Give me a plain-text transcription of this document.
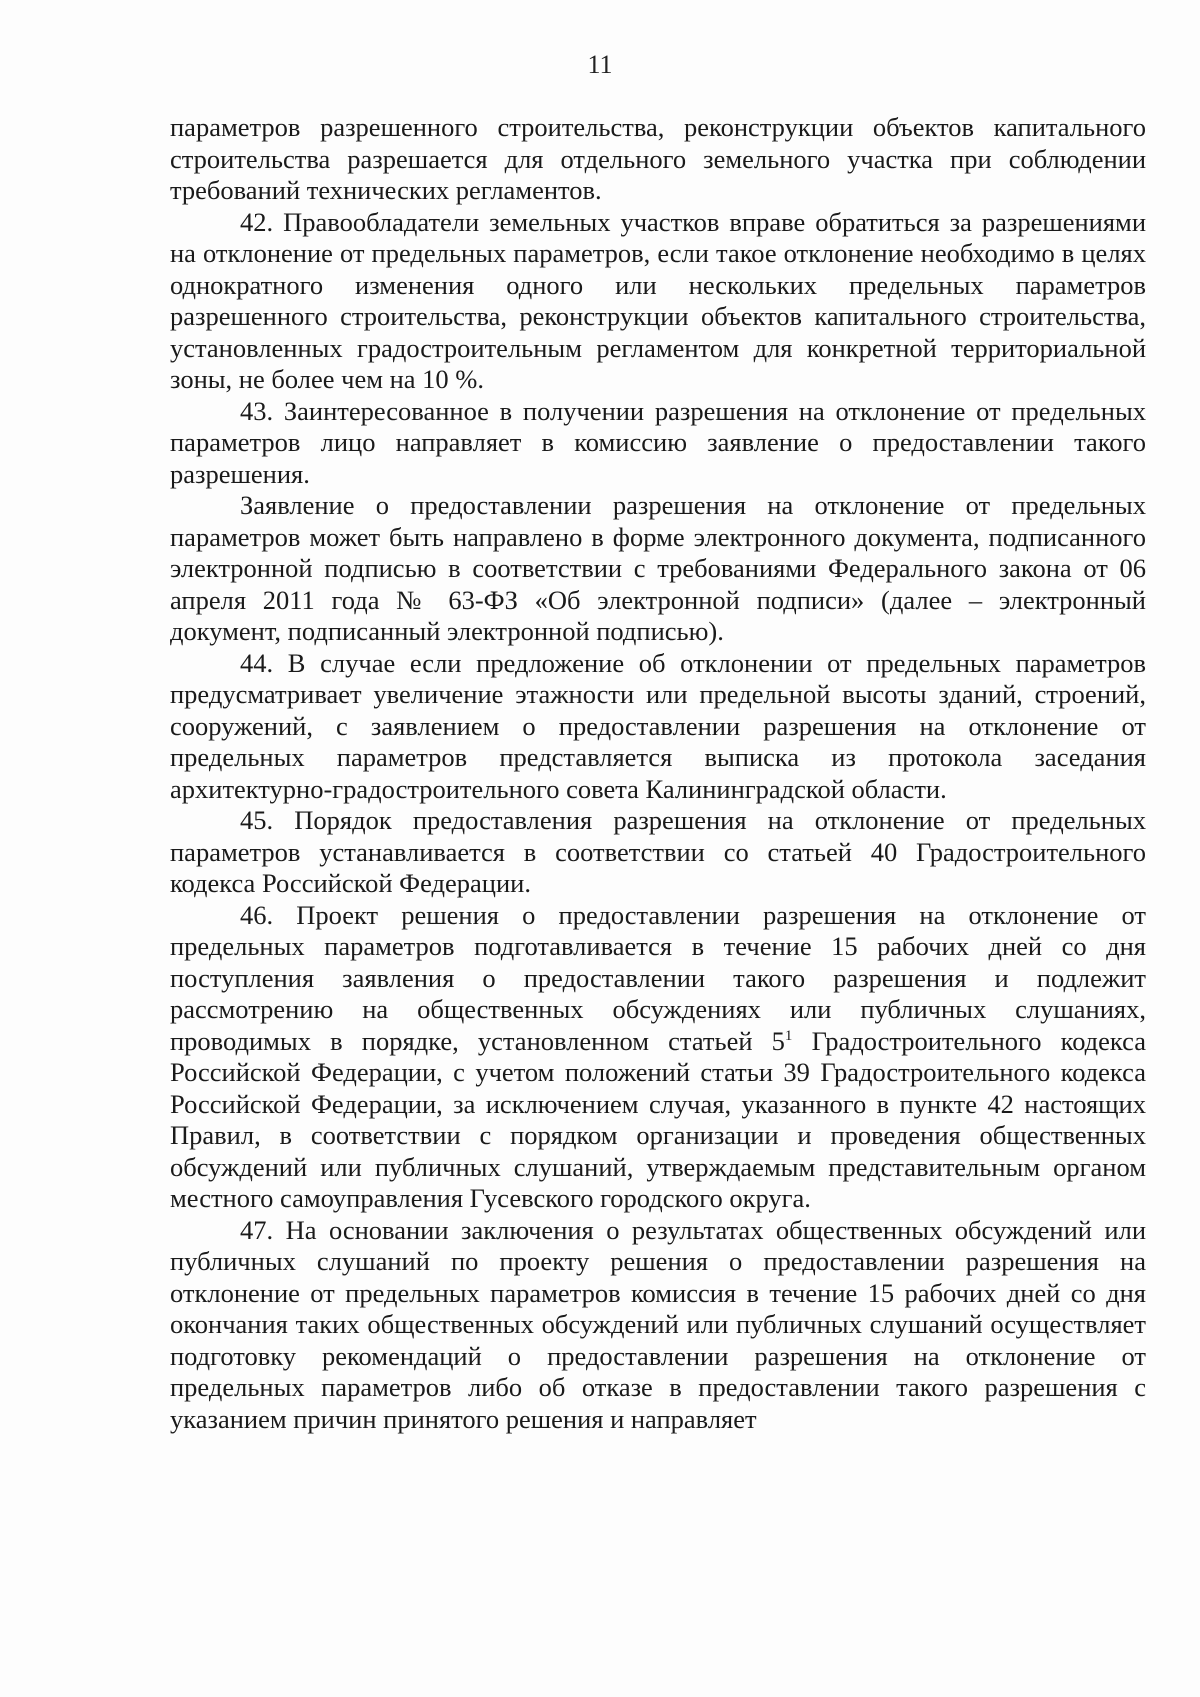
11

параметров разрешенного строительства, реконструкции объектов капитального строительства разрешается для отдельного земельного участка при соблюдении требований технических регламентов.

42. Правообладатели земельных участков вправе обратиться за разрешениями на отклонение от предельных параметров, если такое отклонение необходимо в целях однократного изменения одного или нескольких предельных параметров разрешенного строительства, реконструкции объектов капитального строительства, установленных градостроительным регламентом для конкретной территориальной зоны, не более чем на 10 %.

43. Заинтересованное в получении разрешения на отклонение от предельных параметров лицо направляет в комиссию заявление о предоставлении такого разрешения.

Заявление о предоставлении разрешения на отклонение от предельных параметров может быть направлено в форме электронного документа, подписанного электронной подписью в соответствии с требованиями Федерального закона от 06 апреля 2011 года № 63-ФЗ «Об электронной подписи» (далее – электронный документ, подписанный электронной подписью).

44. В случае если предложение об отклонении от предельных параметров предусматривает увеличение этажности или предельной высоты зданий, строений, сооружений, с заявлением о предоставлении разрешения на отклонение от предельных параметров представляется выписка из протокола заседания архитектурно-градостроительного совета Калининградской области.

45. Порядок предоставления разрешения на отклонение от предельных параметров устанавливается в соответствии со статьей 40 Градостроительного кодекса Российской Федерации.

46. Проект решения о предоставлении разрешения на отклонение от предельных параметров подготавливается в течение 15 рабочих дней со дня поступления заявления о предоставлении такого разрешения и подлежит рассмотрению на общественных обсуждениях или публичных слушаниях, проводимых в порядке, установленном статьей $5^1$ Градостроительного кодекса Российской Федерации, с учетом положений статьи 39 Градостроительного кодекса Российской Федерации, за исключением случая, указанного в пункте 42 настоящих Правил, в соответствии с порядком организации и проведения общественных обсуждений или публичных слушаний, утверждаемым представительным органом местного самоуправления Гусевского городского округа.

47. На основании заключения о результатах общественных обсуждений или публичных слушаний по проекту решения о предоставлении разрешения на отклонение от предельных параметров комиссия в течение 15 рабочих дней со дня окончания таких общественных обсуждений или публичных слушаний осуществляет подготовку рекомендаций о предоставлении разрешения на отклонение от предельных параметров либо об отказе в предоставлении такого разрешения с указанием причин принятого решения и направляет
